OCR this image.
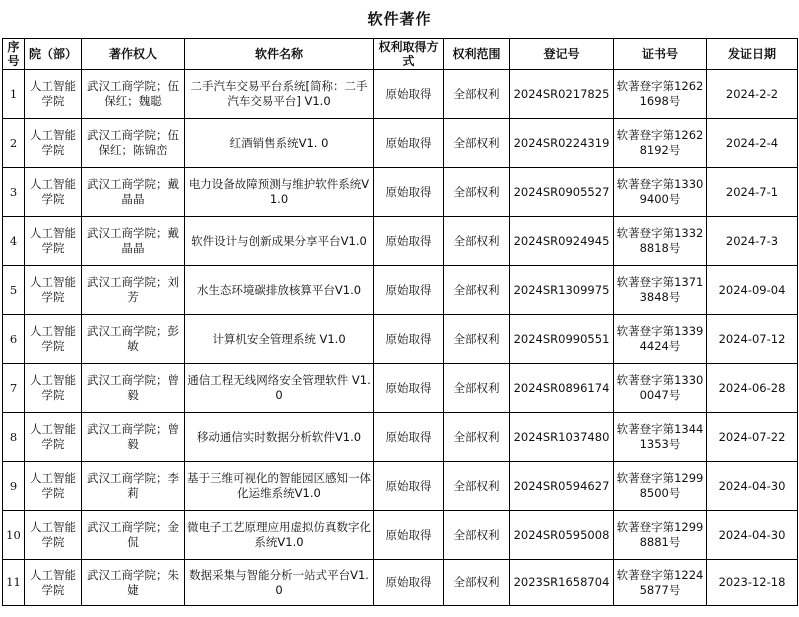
软件著作
序号	院（部）	著作权人	软件名称	权利取得方式	权利范围	登记号	证书号	发证日期
1	人工智能学院	武汉工商学院；伍保红；魏聪	二手汽车交易平台系统[简称：二手汽车交易平台] V1.0	原始取得	全部权利	2024SR0217825	软著登字第12621698号	2024-2-2
2	人工智能学院	武汉工商学院；伍保红；陈锦峦	红酒销售系统V1. 0	原始取得	全部权利	2024SR0224319	软著登字第12628192号	2024-2-4
3	人工智能学院	武汉工商学院；戴晶晶	电力设备故障预测与维护软件系统V1.0	原始取得	全部权利	2024SR0905527	软著登字第13309400号	2024-7-1
4	人工智能学院	武汉工商学院；戴晶晶	软件设计与创新成果分享平台V1.0	原始取得	全部权利	2024SR0924945	软著登字第13328818号	2024-7-3
5	人工智能学院	武汉工商学院；刘芳	水生态环境碳排放核算平台V1.0	原始取得	全部权利	2024SR1309975	软著登字第13713848号	2024-09-04
6	人工智能学院	武汉工商学院；彭敏	计算机安全管理系统 V1.0	原始取得	全部权利	2024SR0990551	软著登字第13394424号	2024-07-12
7	人工智能学院	武汉工商学院；曾毅	通信工程无线网络安全管理软件 V1.0	原始取得	全部权利	2024SR0896174	软著登字第13300047号	2024-06-28
8	人工智能学院	武汉工商学院；曾毅	移动通信实时数据分析软件V1.0	原始取得	全部权利	2024SR1037480	软著登字第13441353号	2024-07-22
9	人工智能学院	武汉工商学院；李莉	基于三维可视化的智能园区感知一体化运维系统V1.0	原始取得	全部权利	2024SR0594627	软著登字第12998500号	2024-04-30
10	人工智能学院	武汉工商学院；金侃	微电子工艺原理应用虚拟仿真数字化系统V1.0	原始取得	全部权利	2024SR0595008	软著登字第12998881号	2024-04-30
11	人工智能学院	武汉工商学院；朱婕	数据采集与智能分析一站式平台V1.0	原始取得	全部权利	2023SR1658704	软著登字第12245877号	2023-12-18
